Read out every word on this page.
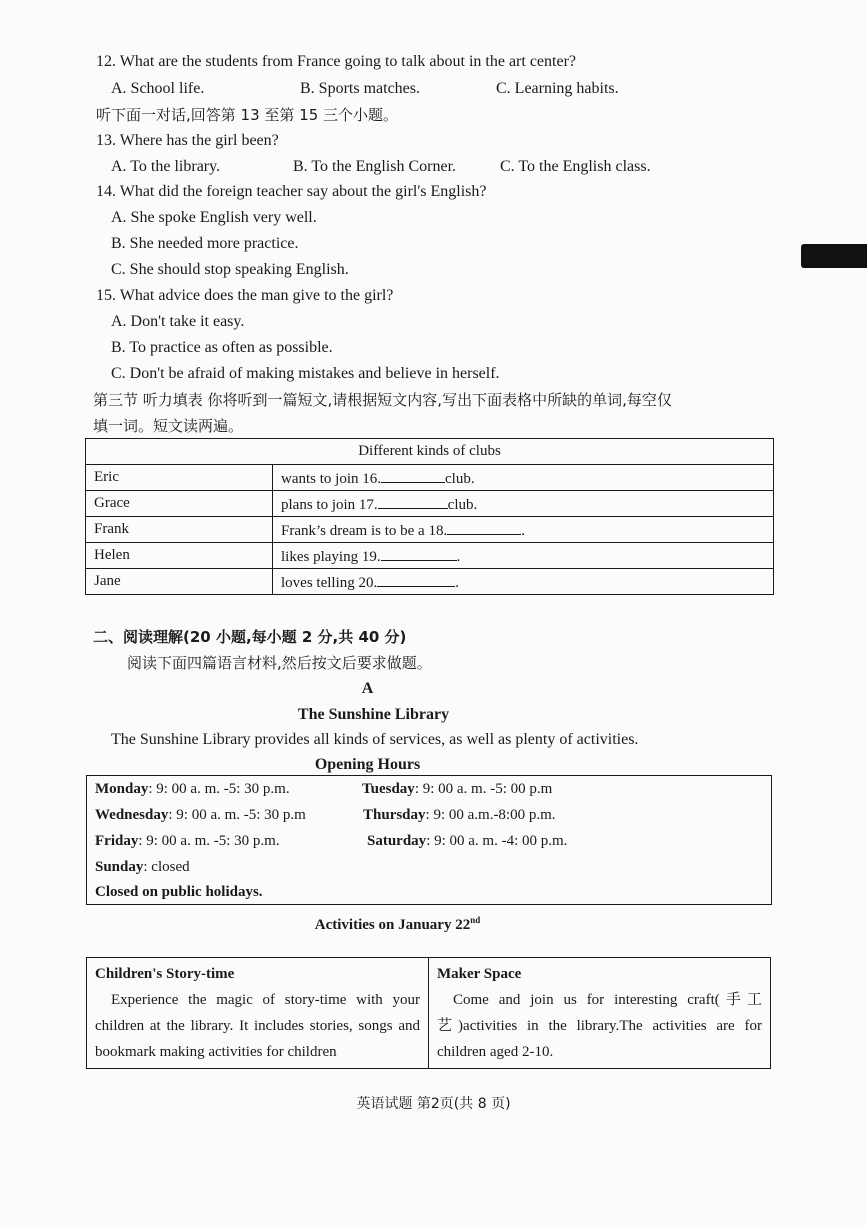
12. What are the students from France going to talk about in the art center?
A. School life.	B. Sports matches.	C. Learning habits.
听下面一对话,回答第 13 至第 15 三个小题。
13. Where has the girl been?
A. To the library.	B. To the English Corner.	C. To the English class.
14. What did the foreign teacher say about the girl's English?
A. She spoke English very well.
B. She needed more practice.
C. She should stop speaking English.
15. What advice does the man give to the girl?
A. Don't take it easy.
B. To practice as often as possible.
C. Don't be afraid of making mistakes and believe in herself.
第三节 听力填表 你将听到一篇短文,请根据短文内容,写出下面表格中所缺的单词,每空仅
填一词。短文读两遍。
Different kinds of clubs	
Eric	wants to join 16. club.
Grace	plans to join 17. club.
Frank	Frank’s dream is to be a 18. .
Helen	likes playing 19. .
Jane	loves telling 20. .
二、阅读理解(20 小题,每小题 2 分,共 40 分)
阅读下面四篇语言材料,然后按文后要求做题。
A
The Sunshine Library
The Sunshine Library provides all kinds of services, as well as plenty of activities.
Opening Hours
Monday: 9: 00 a. m. -5: 30 p.m.	Tuesday: 9: 00 a. m. -5: 00 p.m
Wednesday: 9: 00 a. m. -5: 30 p.m	Thursday: 9: 00 a.m.-8:00 p.m.
Friday: 9: 00 a. m. -5: 30 p.m.	Saturday: 9: 00 a. m. -4: 00 p.m.
Sunday: closed
Closed on public holidays.
Activities on January 22nd
Children's Story-time
Experience the magic of story-time with your children at the library. It includes stories, songs and bookmark making activities for children

Maker Space
Come and join us for interesting craft(手工艺)activities in the library.The activities are for children aged 2-10.
英语试题 第2页(共 8 页)
